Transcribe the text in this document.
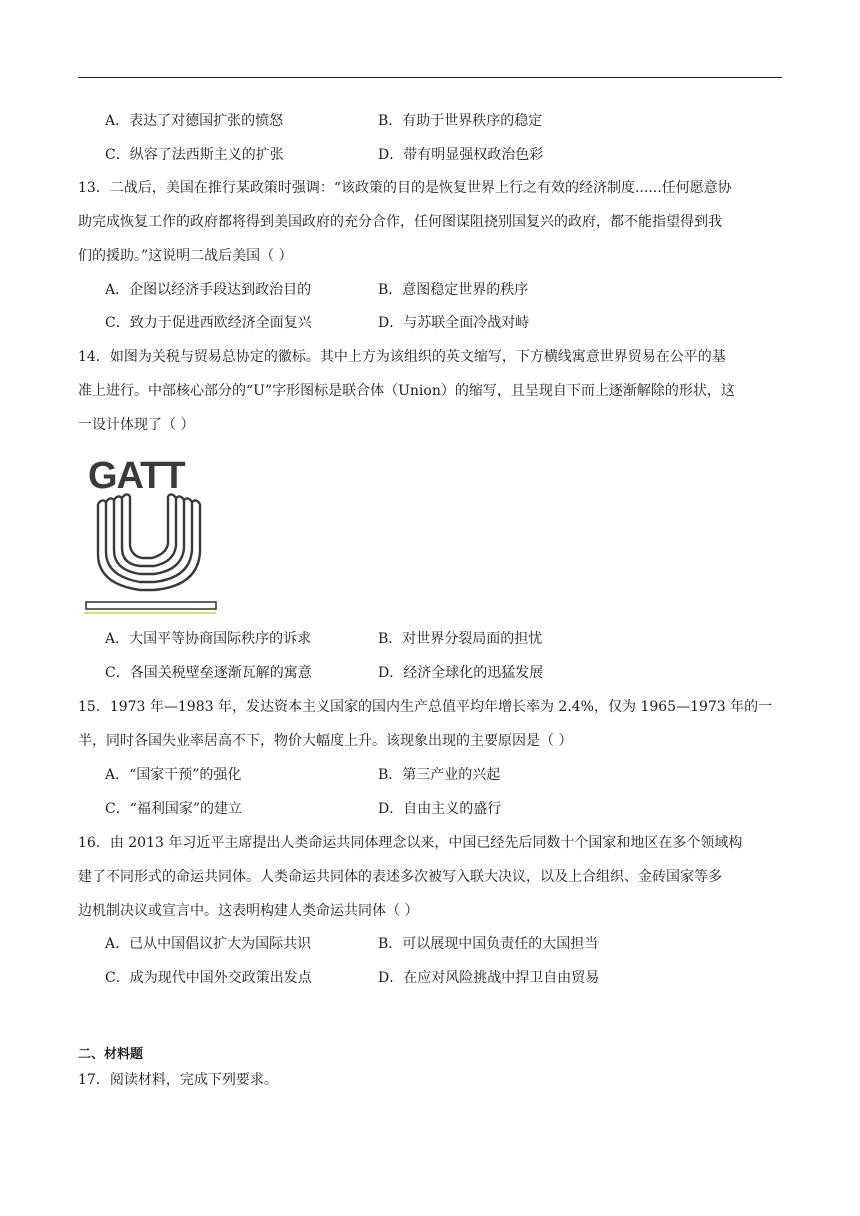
A．表达了对德国扩张的愤怒	B．有助于世界秩序的稳定
C．纵容了法西斯主义的扩张	D．带有明显强权政治色彩
13．二战后，美国在推行某政策时强调：“该政策的目的是恢复世界上行之有效的经济制度......任何愿意协
助完成恢复工作的政府都将得到美国政府的充分合作，任何图谋阻挠别国复兴的政府，都不能指望得到我
们的援助。”这说明二战后美国（ ）
A．企图以经济手段达到政治目的	B．意图稳定世界的秩序
C．致力于促进西欧经济全面复兴	D．与苏联全面冷战对峙
14．如图为关税与贸易总协定的徽标。其中上方为该组织的英文缩写，下方横线寓意世界贸易在公平的基
准上进行。中部核心部分的“U”字形图标是联合体（Union）的缩写，且呈现自下而上逐渐解除的形状，这
一设计体现了（ ）
GATT
A．大国平等协商国际秩序的诉求	B．对世界分裂局面的担忧
C．各国关税壁垒逐渐瓦解的寓意	D．经济全球化的迅猛发展
15．1973 年—1983 年，发达资本主义国家的国内生产总值平均年增长率为 2.4%，仅为 1965—1973 年的一
半，同时各国失业率居高不下，物价大幅度上升。该现象出现的主要原因是（ ）
A．“国家干预”的强化	B．第三产业的兴起
C．“福利国家”的建立	D．自由主义的盛行
16．由 2013 年习近平主席提出人类命运共同体理念以来，中国已经先后同数十个国家和地区在多个领域构
建了不同形式的命运共同体。人类命运共同体的表述多次被写入联大决议，以及上合组织、金砖国家等多
边机制决议或宣言中。这表明构建人类命运共同体（ ）
A．已从中国倡议扩大为国际共识	B．可以展现中国负责任的大国担当
C．成为现代中国外交政策出发点	D．在应对风险挑战中捍卫自由贸易
二、材料题
17．阅读材料，完成下列要求。
